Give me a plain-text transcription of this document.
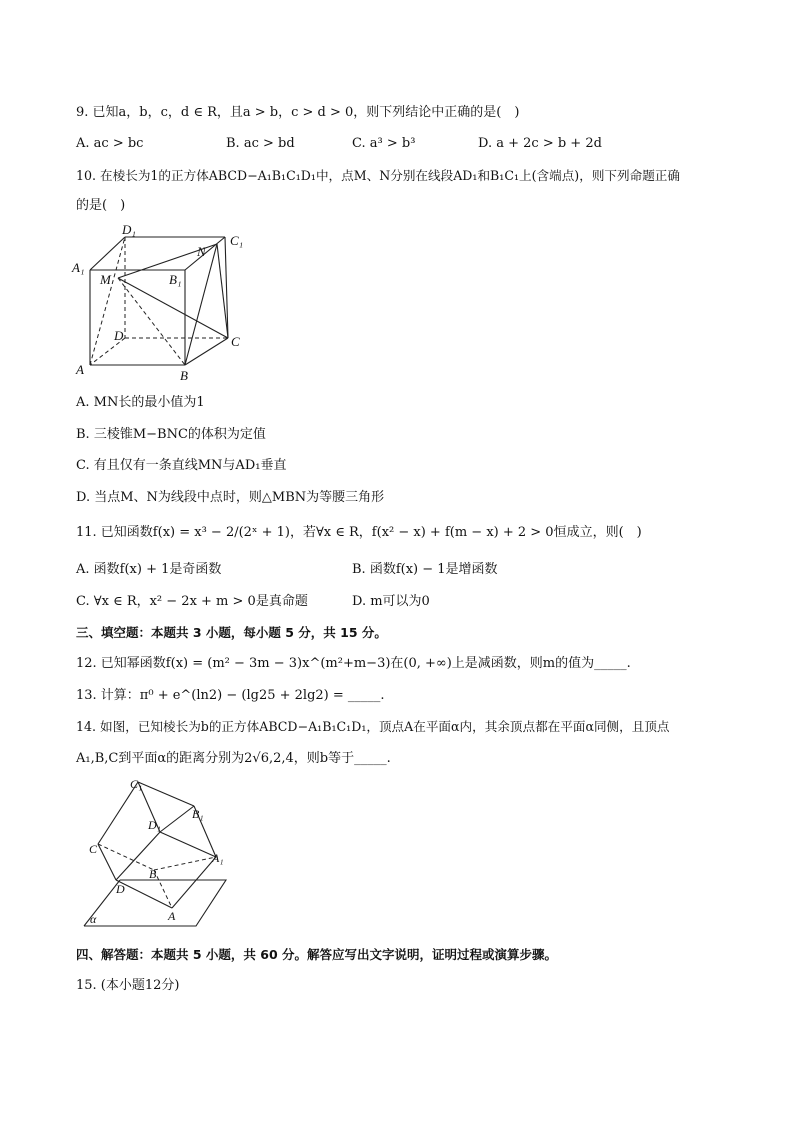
9. 已知a，b，c，d ∈ R，且a > b，c > d > 0，则下列结论中正确的是(　)
A. ac > bc	B. ac > bd	C. a³ > b³	D. a + 2c > b + 2d
10. 在棱长为1的正方体ABCD−A₁B₁C₁D₁中，点M、N分别在线段AD₁和B₁C₁上(含端点)，则下列命题正确
的是(　)
D₁
C₁
A₁
B₁
M
N
D	C
A	B
A. MN长的最小值为1
B. 三棱锥M−BNC的体积为定值
C. 有且仅有一条直线MN与AD₁垂直
D. 当点M、N为线段中点时，则△MBN为等腰三角形
11. 已知函数f(x) = x³ − 2/(2ˣ + 1)，若∀x ∈ R，f(x² − x) + f(m − x) + 2 > 0恒成立，则(　)
A. 函数f(x) + 1是奇函数	B. 函数f(x) − 1是增函数
C. ∀x ∈ R，x² − 2x + m > 0是真命题	D. m可以为0
三、填空题：本题共 3 小题，每小题 5 分，共 15 分。
12. 已知幂函数f(x) = (m² − 3m − 3)x^(m²+m−3)在(0, +∞)上是减函数，则m的值为_____.
13. 计算：π⁰ + e^(ln2) − (lg25 + 2lg2) = _____.
14. 如图，已知棱长为b的正方体ABCD−A₁B₁C₁D₁，顶点A在平面α内，其余顶点都在平面α同侧，且顶点
A₁,B,C到平面α的距离分别为2√6,2,4，则b等于_____.
C₁
B₁
D₁
C
A₁
B
D
A
α
四、解答题：本题共 5 小题，共 60 分。解答应写出文字说明，证明过程或演算步骤。
15. (本小题12分)
